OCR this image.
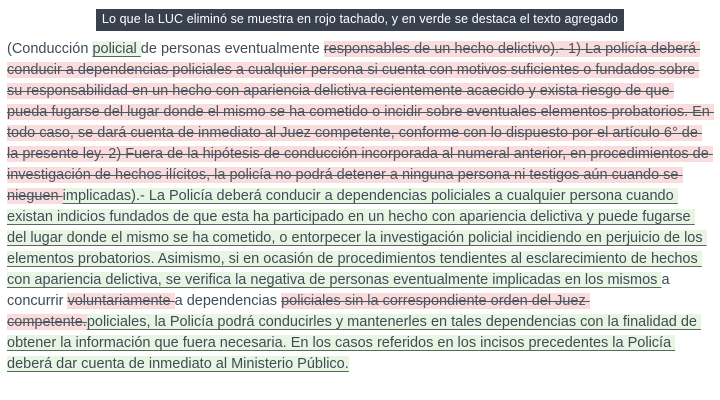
Lo que la LUC eliminó se muestra en rojo tachado, y en verde se destaca el texto agregado

(Conducción policial de personas eventualmente responsables de un hecho delictivo).- 1) La policía deberá conducir a dependencias policiales a cualquier persona si cuenta con motivos suficientes o fundados sobre su responsabilidad en un hecho con apariencia delictiva recientemente acaecido y exista riesgo de que pueda fugarse del lugar donde el mismo se ha cometido o incidir sobre eventuales elementos probatorios. En todo caso, se dará cuenta de inmediato al Juez competente, conforme con lo dispuesto por el artículo 6° de la presente ley. 2) Fuera de la hipótesis de conducción incorporada al numeral anterior, en procedimientos de investigación de hechos ilícitos, la policía no podrá detener a ninguna persona ni testigos aún cuando se nieguen implicadas).- La Policía deberá conducir a dependencias policiales a cualquier persona cuando existan indicios fundados de que esta ha participado en un hecho con apariencia delictiva y puede fugarse del lugar donde el mismo se ha cometido, o entorpecer la investigación policial incidiendo en perjuicio de los elementos probatorios. Asimismo, si en ocasión de procedimientos tendientes al esclarecimiento de hechos con apariencia delictiva, se verifica la negativa de personas eventualmente implicadas en los mismos a concurrir voluntariamente a dependencias policiales sin la correspondiente orden del Juez competente.policiales, la Policía podrá conducirles y mantenerles en tales dependencias con la finalidad de obtener la información que fuera necesaria. En los casos referidos en los incisos precedentes la Policía deberá dar cuenta de inmediato al Ministerio Público.
